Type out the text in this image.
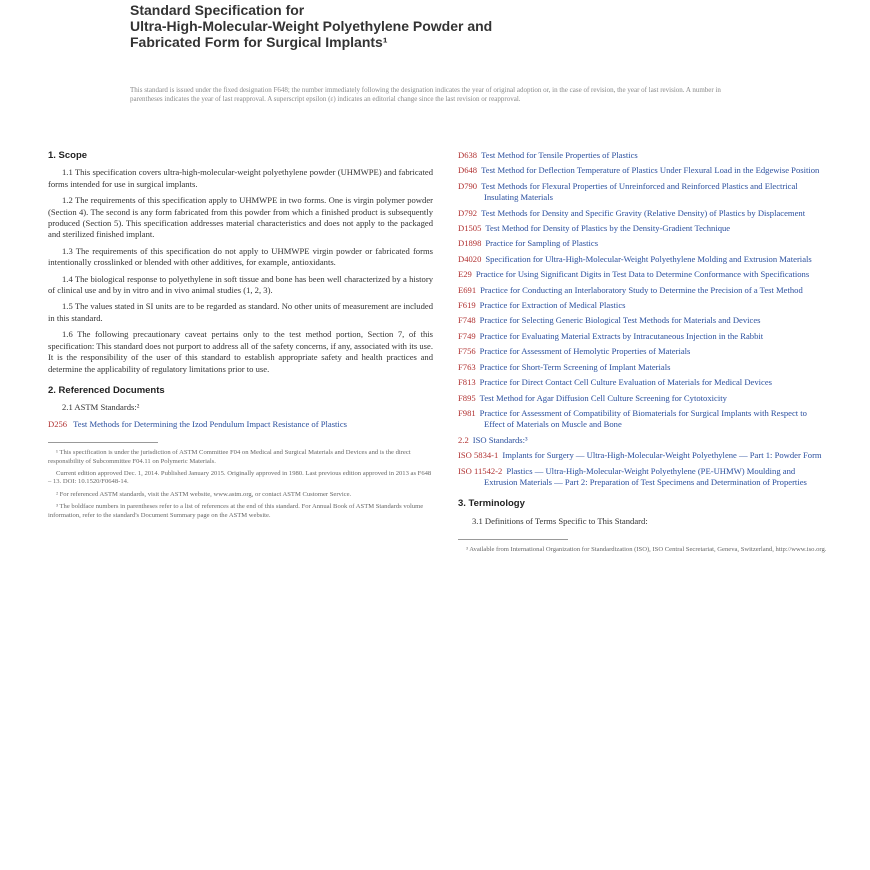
Standard Specification for
Ultra-High-Molecular-Weight Polyethylene Powder and
Fabricated Form for Surgical Implants¹
This standard is issued under the fixed designation F648; the number immediately following the designation indicates the year of original adoption or, in the case of revision, the year of last revision. A number in parentheses indicates the year of last reapproval. A superscript epsilon (ε) indicates an editorial change since the last revision or reapproval.
1. Scope
1.1 This specification covers ultra-high-molecular-weight polyethylene powder (UHMWPE) and fabricated forms intended for use in surgical implants.
1.2 The requirements of this specification apply to UHMWPE in two forms. One is virgin polymer powder (Section 4). The second is any form fabricated from this powder from which a finished product is subsequently produced (Section 5). This specification addresses material characteristics and does not apply to the packaged and sterilized finished implant.
1.3 The requirements of this specification do not apply to UHMWPE virgin powder or fabricated forms intentionally crosslinked or blended with other additives, for example, antioxidants.
1.4 The biological response to polyethylene in soft tissue and bone has been well characterized by a history of clinical use and by in vitro and in vivo animal studies (1, 2, 3).
1.5 The values stated in SI units are to be regarded as standard. No other units of measurement are included in this standard.
1.6 The following precautionary caveat pertains only to the test method portion, Section 7, of this specification: This standard does not purport to address all of the safety concerns, if any, associated with its use. It is the responsibility of the user of this standard to establish appropriate safety and health practices and determine the applicability of regulatory limitations prior to use.
2. Referenced Documents
2.1 ASTM Standards:²
D256 Test Methods for Determining the Izod Pendulum Impact Resistance of Plastics
¹ This specification is under the jurisdiction of ASTM Committee F04 on Medical and Surgical Materials and Devices and is the direct responsibility of Subcommittee F04.11 on Polymeric Materials.
Current edition approved Dec. 1, 2014. Published January 2015. Originally approved in 1980. Last previous edition approved in 2013 as F648 – 13. DOI: 10.1520/F0648-14.
² For referenced ASTM standards, visit the ASTM website, www.astm.org, or contact ASTM Customer Service.
³ The boldface numbers in parentheses refer to a list of references at the end of this standard. For Annual Book of ASTM Standards volume information, refer to the standard's Document Summary page on the ASTM website.
D638 Test Method for Tensile Properties of Plastics
D648 Test Method for Deflection Temperature of Plastics Under Flexural Load in the Edgewise Position
D790 Test Methods for Flexural Properties of Unreinforced and Reinforced Plastics and Electrical Insulating Materials
D792 Test Methods for Density and Specific Gravity (Relative Density) of Plastics by Displacement
D1505 Test Method for Density of Plastics by the Density-Gradient Technique
D1898 Practice for Sampling of Plastics
D4020 Specification for Ultra-High-Molecular-Weight Polyethylene Molding and Extrusion Materials
E29 Practice for Using Significant Digits in Test Data to Determine Conformance with Specifications
E691 Practice for Conducting an Interlaboratory Study to Determine the Precision of a Test Method
F619 Practice for Extraction of Medical Plastics
F748 Practice for Selecting Generic Biological Test Methods for Materials and Devices
F749 Practice for Evaluating Material Extracts by Intracutaneous Injection in the Rabbit
F756 Practice for Assessment of Hemolytic Properties of Materials
F763 Practice for Short-Term Screening of Implant Materials
F813 Practice for Direct Contact Cell Culture Evaluation of Materials for Medical Devices
F895 Test Method for Agar Diffusion Cell Culture Screening for Cytotoxicity
F981 Practice for Assessment of Compatibility of Biomaterials for Surgical Implants with Respect to Effect of Materials on Muscle and Bone
2.2 ISO Standards:³
ISO 5834-1 Implants for Surgery — Ultra-High-Molecular-Weight Polyethylene — Part 1: Powder Form
ISO 11542-2 Plastics — Ultra-High-Molecular-Weight Polyethylene (PE-UHMW) Moulding and Extrusion Materials — Part 2: Preparation of Test Specimens and Determination of Properties
3. Terminology
3.1 Definitions of Terms Specific to This Standard:
³ Available from International Organization for Standardization (ISO), ISO Central Secretariat, Geneva, Switzerland, http://www.iso.org.
